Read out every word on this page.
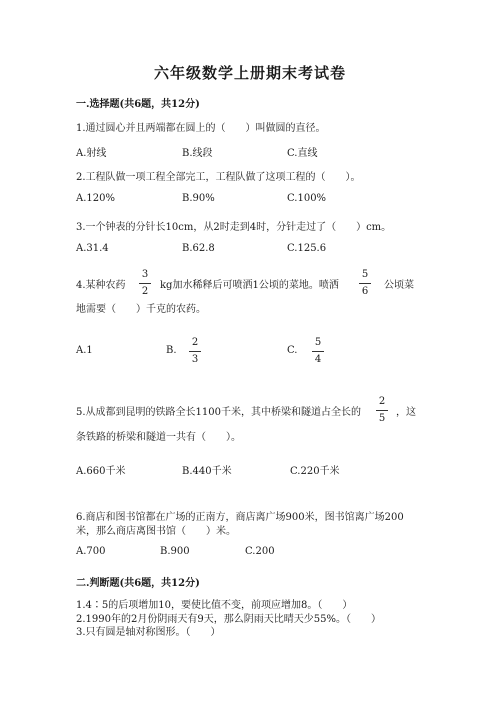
六年级数学上册期末考试卷
一.选择题(共6题，共12分)
1.通过圆心并且两端都在圆上的（　　）叫做圆的直径。
A.射线	B.线段	C.直线
2.工程队做一项工程全部完工，工程队做了这项工程的（　　）。
A.120%	B.90%	C.100%
3.一个钟表的分针长10cm，从2时走到4时，分针走过了（　　）cm。
A.31.4	B.62.8	C.125.6
4.某种农药
3
2
kg加水稀释后可喷洒1公顷的菜地。喷洒
5
6
公顷菜
地需要（　　）千克的农药。
A.1	B.
2
3
C.
5
4
5.从成都到昆明的铁路全长1100千米，其中桥梁和隧道占全长的
2
5
，这
条铁路的桥梁和隧道一共有（　　）。
A.660千米	B.440千米	C.220千米
6.商店和图书馆都在广场的正南方，商店离广场900米，图书馆离广场200
米，那么商店离图书馆（　　）米。
A.700	B.900	C.200
二.判断题(共6题，共12分)
1.4∶5的后项增加10，要使比值不变，前项应增加8。（　　）
2.1990年的2月份阴雨天有9天，那么阴雨天比晴天少55%。（　　）
3.只有圆是轴对称图形。（　　）
